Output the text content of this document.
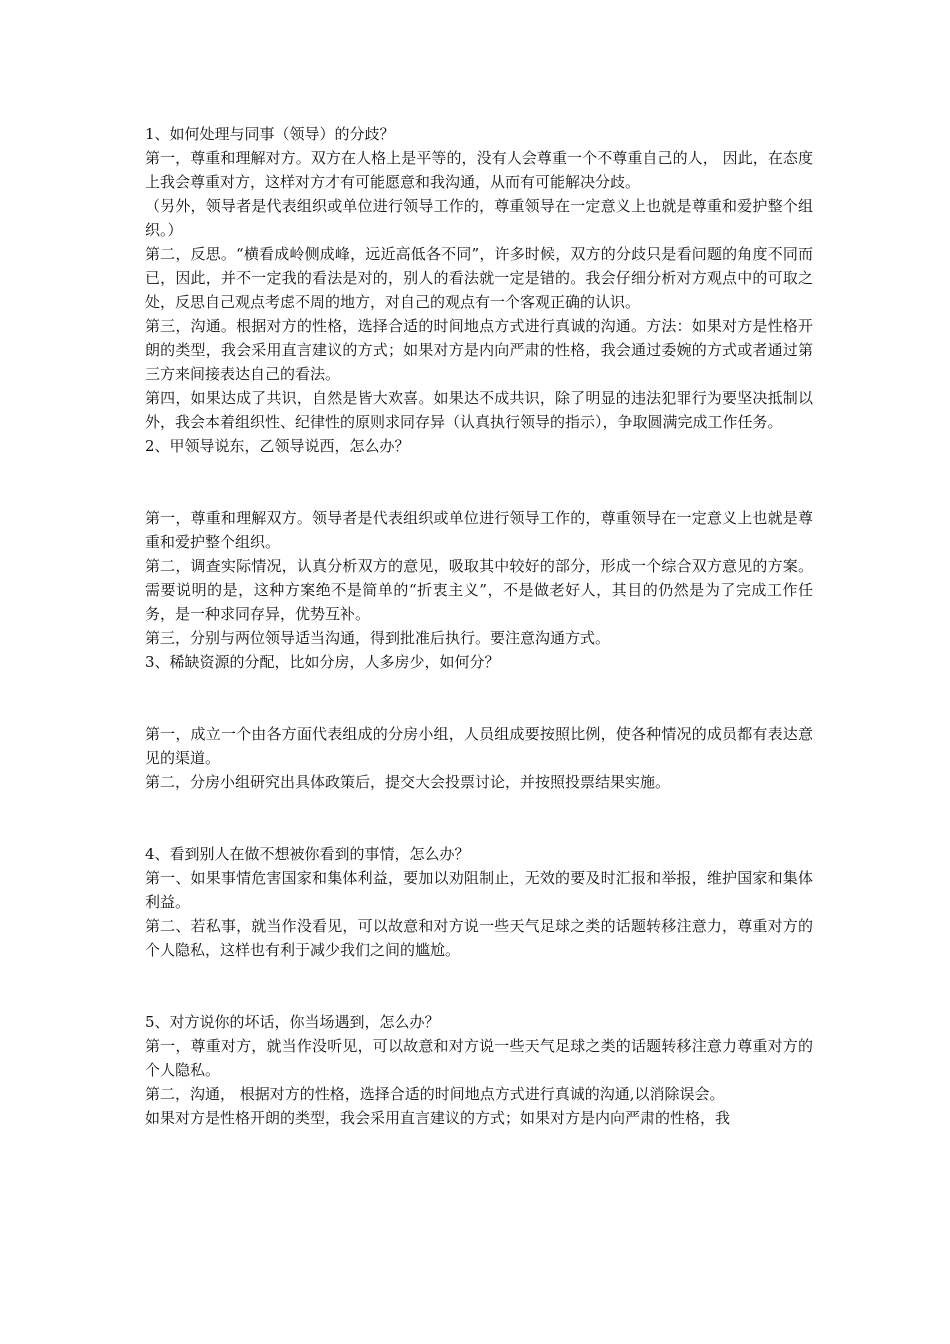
1、如何处理与同事（领导）的分歧？

第一，尊重和理解对方。双方在人格上是平等的，没有人会尊重一个不尊重自己的人， 因此，在态度上我会尊重对方，这样对方才有可能愿意和我沟通，从而有可能解决分歧。

（另外，领导者是代表组织或单位进行领导工作的，尊重领导在一定意义上也就是尊重和爱护整个组织。）

第二，反思。“横看成岭侧成峰，远近高低各不同”，许多时候，双方的分歧只是看问题的角度不同而已，因此，并不一定我的看法是对的，别人的看法就一定是错的。我会仔细分析对方观点中的可取之处，反思自己观点考虑不周的地方，对自己的观点有一个客观正确的认识。

第三，沟通。根据对方的性格，选择合适的时间地点方式进行真诚的沟通。方法：如果对方是性格开朗的类型，我会采用直言建议的方式；如果对方是内向严肃的性格，我会通过委婉的方式或者通过第三方来间接表达自己的看法。

第四，如果达成了共识，自然是皆大欢喜。如果达不成共识，除了明显的违法犯罪行为要坚决抵制以外，我会本着组织性、纪律性的原则求同存异（认真执行领导的指示），争取圆满完成工作任务。

2、甲领导说东，乙领导说西，怎么办？

第一，尊重和理解双方。领导者是代表组织或单位进行领导工作的，尊重领导在一定意义上也就是尊重和爱护整个组织。

第二，调查实际情况，认真分析双方的意见，吸取其中较好的部分，形成一个综合双方意见的方案。需要说明的是，这种方案绝不是简单的“折衷主义”，不是做老好人，其目的仍然是为了完成工作任务，是一种求同存异，优势互补。

第三，分别与两位领导适当沟通，得到批准后执行。要注意沟通方式。

3、稀缺资源的分配，比如分房，人多房少，如何分？

第一，成立一个由各方面代表组成的分房小组，人员组成要按照比例，使各种情况的成员都有表达意见的渠道。

第二，分房小组研究出具体政策后，提交大会投票讨论，并按照投票结果实施。

4、看到别人在做不想被你看到的事情，怎么办？

第一、如果事情危害国家和集体利益，要加以劝阻制止，无效的要及时汇报和举报，维护国家和集体利益。

第二、若私事，就当作没看见，可以故意和对方说一些天气足球之类的话题转移注意力，尊重对方的个人隐私，这样也有利于减少我们之间的尴尬。

5、对方说你的坏话，你当场遇到，怎么办？

第一，尊重对方，就当作没听见，可以故意和对方说一些天气足球之类的话题转移注意力尊重对方的个人隐私。

第二，沟通， 根据对方的性格，选择合适的时间地点方式进行真诚的沟通,以消除误会。

如果对方是性格开朗的类型，我会采用直言建议的方式；如果对方是内向严肃的性格，我
